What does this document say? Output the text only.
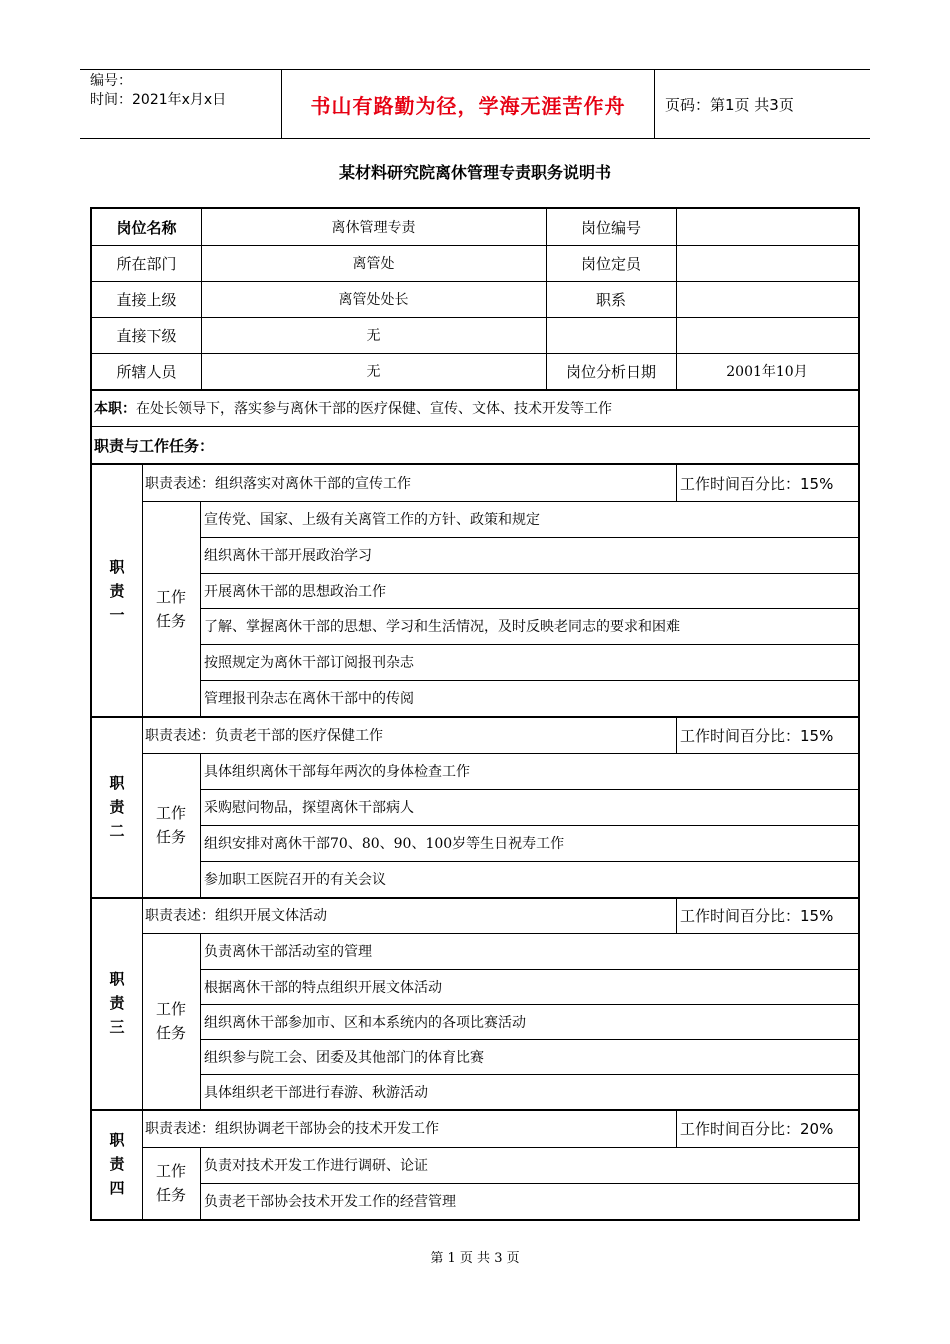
编号：
时间：2021年x月x日	书山有路勤为径，学海无涯苦作舟	页码：第1页 共3页
某材料研究院离休管理专责职务说明书
岗位名称	离休管理专责	岗位编号
所在部门	离管处	岗位定员
直接上级	离管处处长	职系
直接下级	无
所辖人员	无	岗位分析日期	2001年10月
本职： 在处长领导下，落实参与离休干部的医疗保健、宣传、文体、技术开发等工作
职责与工作任务：
职
责
一
职责表述：组织落实对离休干部的宣传工作	工作时间百分比：15%
工作
任务
宣传党、国家、上级有关离管工作的方针、政策和规定
组织离休干部开展政治学习
开展离休干部的思想政治工作
了解、掌握离休干部的思想、学习和生活情况，及时反映老同志的要求和困难
按照规定为离休干部订阅报刊杂志
管理报刊杂志在离休干部中的传阅
职
责
二
职责表述：负责老干部的医疗保健工作	工作时间百分比：15%
工作
任务
具体组织离休干部每年两次的身体检查工作
采购慰问物品，探望离休干部病人
组织安排对离休干部70、80、90、100岁等生日祝寿工作
参加职工医院召开的有关会议
职
责
三
职责表述：组织开展文体活动	工作时间百分比：15%
工作
任务
负责离休干部活动室的管理
根据离休干部的特点组织开展文体活动
组织离休干部参加市、区和本系统内的各项比赛活动
组织参与院工会、团委及其他部门的体育比赛
具体组织老干部进行春游、秋游活动
职
责
四
职责表述：组织协调老干部协会的技术开发工作	工作时间百分比：20%
工作
任务
负责对技术开发工作进行调研、论证
负责老干部协会技术开发工作的经营管理
第 1 页 共 3 页
